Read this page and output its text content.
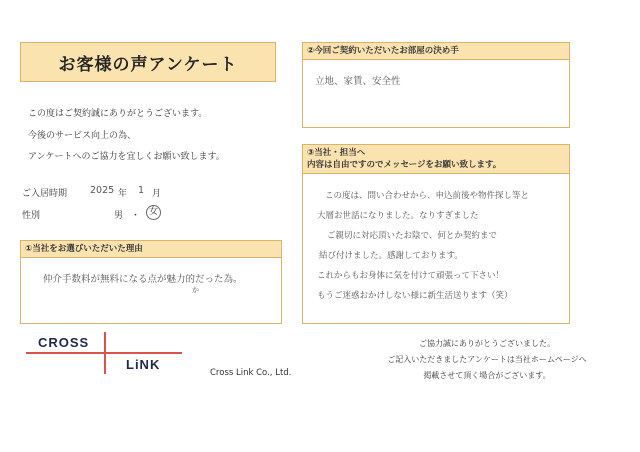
お客様の声アンケート
この度はご契約誠にありがとうございます。
今後のサービス向上の為、
アンケートへのご協力を宜しくお願い致します。
ご入居時期 2025 年 1 月
性別	男 ・ 女
①当社をお選びいただいた理由
仲介手数料が無料になる点が魅力的だった為。
か
②今回ご契約いただいたお部屋の決め手
立地、家賃、安全性
③当社・担当へ
内容は自由ですのでメッセージをお願い致します。
この度は、問い合わせから、申込前後や物件探し等と
大層お世話になりました。なりすぎました
ご親切に対応頂いたお陰で、何とか契約まで
結び付けました。感謝しております。
これからもお身体に気を付けて頑張って下さい！
もうご迷惑おかけしない様に新生活送ります（笑）
CROSS
LiNK
Cross Link Co., Ltd.
ご協力誠にありがとうございました。
ご記入いただきましたアンケートは当社ホームページへ
掲載させて頂く場合がございます。
